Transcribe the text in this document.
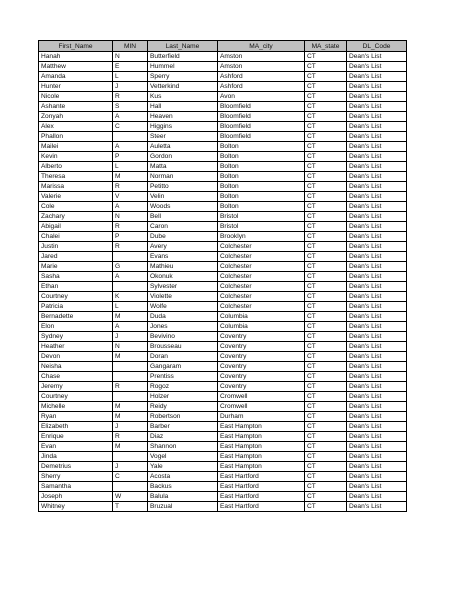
First_Name	MIN	Last_Name	MA_city	MA_state	DL_Code
Hanah	N	Butterfield	Amston	CT	Dean's List
Matthew	E	Hummel	Amston	CT	Dean's List
Amanda	L	Sperry	Ashford	CT	Dean's List
Hunter	J	Vetterkind	Ashford	CT	Dean's List
Nicole	R	Kus	Avon	CT	Dean's List
Ashante	S	Hall	Bloomfield	CT	Dean's List
Zonyah	A	Heaven	Bloomfield	CT	Dean's List
Alex	C	Higgins	Bloomfield	CT	Dean's List
Phallon		Steer	Bloomfield	CT	Dean's List
Mailei	A	Auletta	Bolton	CT	Dean's List
Kevin	P	Gordon	Bolton	CT	Dean's List
Alberto	L	Matta	Bolton	CT	Dean's List
Theresa	M	Norman	Bolton	CT	Dean's List
Marissa	R	Petitto	Bolton	CT	Dean's List
Valerie	V	Velin	Bolton	CT	Dean's List
Cole	A	Woods	Bolton	CT	Dean's List
Zachary	N	Bell	Bristol	CT	Dean's List
Abigail	R	Caron	Bristol	CT	Dean's List
Chalei	P	Dube	Brooklyn	CT	Dean's List
Justin	R	Avery	Colchester	CT	Dean's List
Jared		Evans	Colchester	CT	Dean's List
Marie	G	Mathieu	Colchester	CT	Dean's List
Sasha	A	Okonuk	Colchester	CT	Dean's List
Ethan		Sylvester	Colchester	CT	Dean's List
Courtney	K	Violette	Colchester	CT	Dean's List
Patricia	L	Wolfe	Colchester	CT	Dean's List
Bernadette	M	Duda	Columbia	CT	Dean's List
Elon	A	Jones	Columbia	CT	Dean's List
Sydney	J	Bevivino	Coventry	CT	Dean's List
Heather	N	Brousseau	Coventry	CT	Dean's List
Devon	M	Doran	Coventry	CT	Dean's List
Neisha		Gangaram	Coventry	CT	Dean's List
Chase		Prentiss	Coventry	CT	Dean's List
Jeremy	R	Rogoz	Coventry	CT	Dean's List
Courtney		Holzer	Cromwell	CT	Dean's List
Michelle	M	Reidy	Cromwell	CT	Dean's List
Ryan	M	Robertson	Durham	CT	Dean's List
Elizabeth	J	Barber	East Hampton	CT	Dean's List
Enrique	R	Diaz	East Hampton	CT	Dean's List
Evan	M	Shannon	East Hampton	CT	Dean's List
Jinda		Vogel	East Hampton	CT	Dean's List
Demetrius	J	Yale	East Hampton	CT	Dean's List
Sherry	C	Acosta	East Hartford	CT	Dean's List
Samantha		Backus	East Hartford	CT	Dean's List
Joseph	W	Balula	East Hartford	CT	Dean's List
Whitney	T	Bruzual	East Hartford	CT	Dean's List
